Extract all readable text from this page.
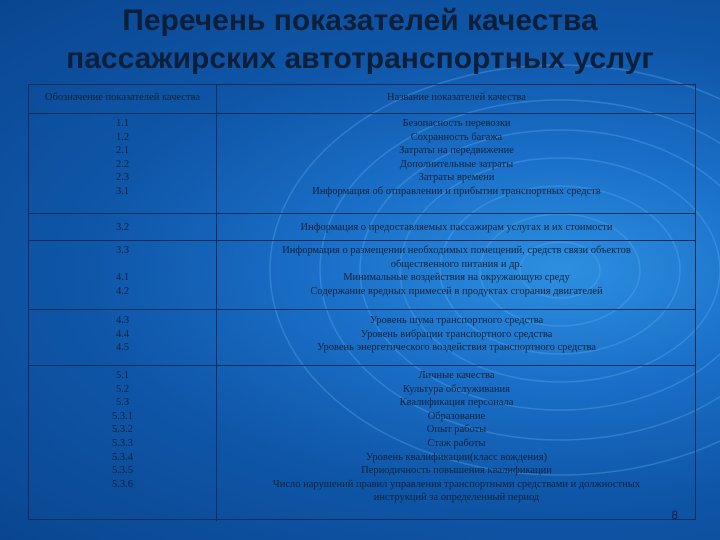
Перечень показателей качества
пассажирских автотранспортных услуг
Обозначение показателей качества	Название показателей качества
1.1
1.2
2.1
2.2
2.3
3.1
Безопасность перевозки
Сохранность багажа
Затраты на передвижение
Дополнительные затраты
Затраты времени
Информация об отправлении и прибытии транспортных средств
3.2	Информация о предоставляемых пассажирам услугах и их стоимости
3.3
4.1
4.2
Информация о размещении необходимых помещений, средств связи объектов
общественного питания и др.
Минимальные воздействия на окружающую среду
Содержание вредных примесей в продуктах сгорания двигателей
4.3
4.4
4.5
Уровень шума транспортного средства
Уровень вибрации транспортного средства
Уровень энергетического воздействия транспортного средства
5.1
5.2
5.3
5.3.1
5.3.2
5.3.3
5.3.4
5.3.5
5.3.6
Личные качества
Культура обслуживания
Квалификация персонала
Образование
Опыт работы
Стаж работы
Уровень квалификации(класс вождения)
Периодичность повышения квалификации
Число нарушений правил управления транспортными средствами и должностных
инструкций за определенный период
8
